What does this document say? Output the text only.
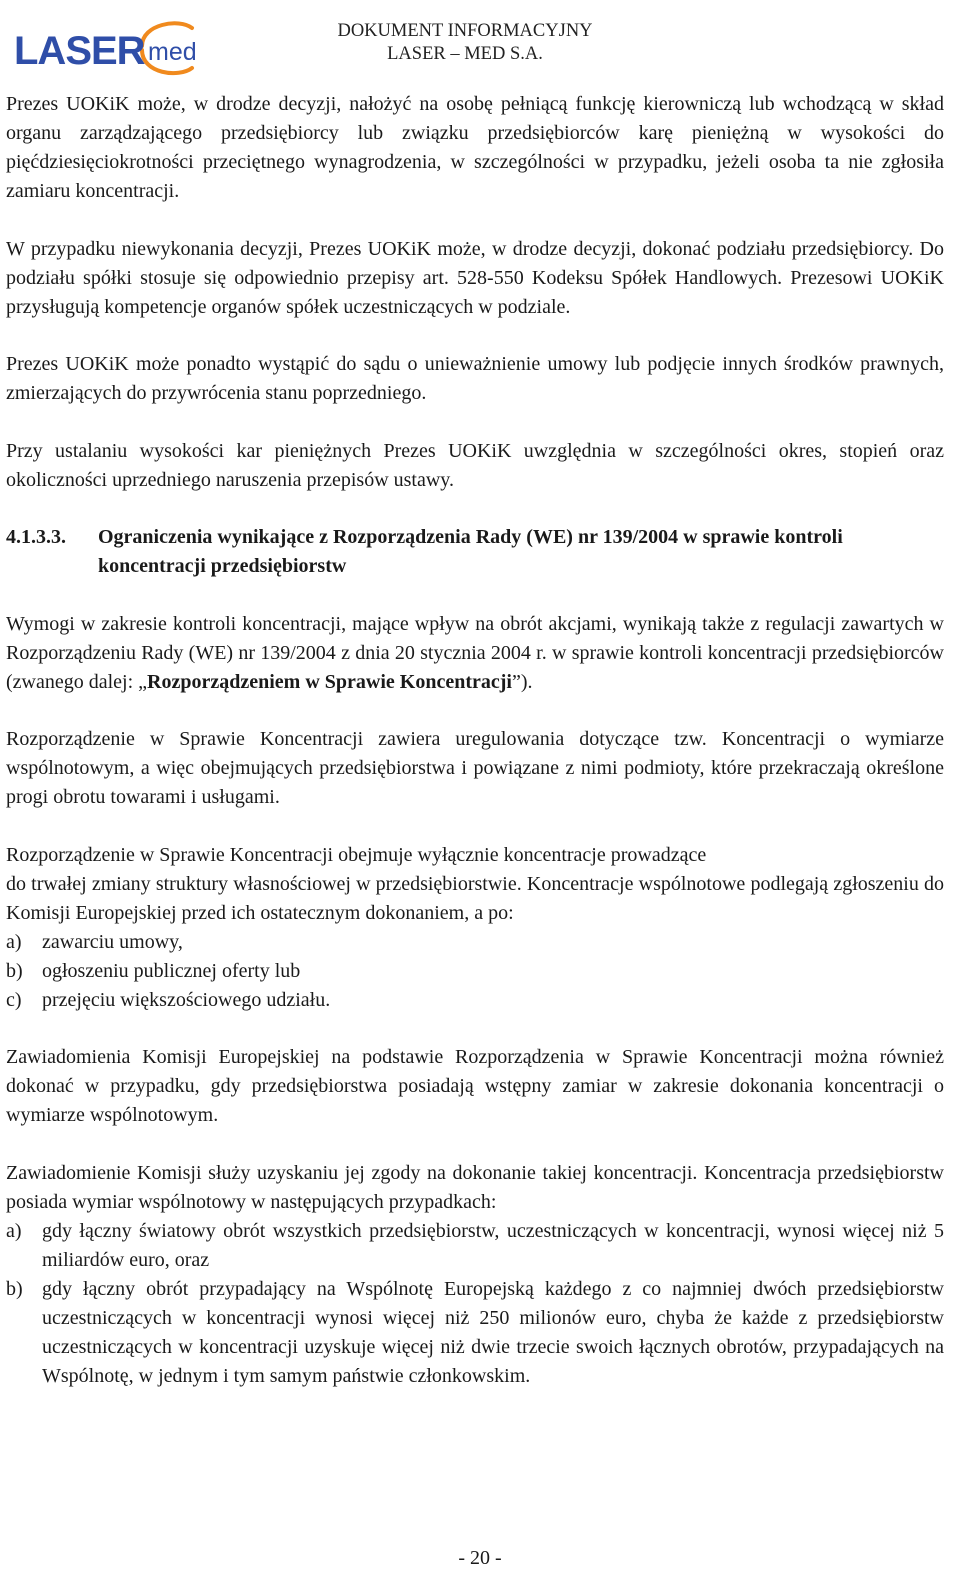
LASER med
DOKUMENT INFORMACYJNY
LASER – MED S.A.

Prezes UOKiK może, w drodze decyzji, nałożyć na osobę pełniącą funkcję kierowniczą lub wchodzącą w skład organu zarządzającego przedsiębiorcy lub związku przedsiębiorców karę pieniężną w wysokości do pięćdziesięciokrotności przeciętnego wynagrodzenia, w szczególności w przypadku, jeżeli osoba ta nie zgłosiła zamiaru koncentracji.

W przypadku niewykonania decyzji, Prezes UOKiK może, w drodze decyzji, dokonać podziału przedsiębiorcy. Do podziału spółki stosuje się odpowiednio przepisy art. 528-550 Kodeksu Spółek Handlowych. Prezesowi UOKiK przysługują kompetencje organów spółek uczestniczących w podziale.

Prezes UOKiK może ponadto wystąpić do sądu o unieważnienie umowy lub podjęcie innych środków prawnych, zmierzających do przywrócenia stanu poprzedniego.

Przy ustalaniu wysokości kar pieniężnych Prezes UOKiK uwzględnia w szczególności okres, stopień oraz okoliczności uprzedniego naruszenia przepisów ustawy.

4.1.3.3.	Ograniczenia wynikające z Rozporządzenia Rady (WE) nr 139/2004 w sprawie kontroli koncentracji przedsiębiorstw

Wymogi w zakresie kontroli koncentracji, mające wpływ na obrót akcjami, wynikają także z regulacji zawartych w Rozporządzeniu Rady (WE) nr 139/2004 z dnia 20 stycznia 2004 r. w sprawie kontroli koncentracji przedsiębiorców (zwanego dalej: „Rozporządzeniem w Sprawie Koncentracji”).

Rozporządzenie w Sprawie Koncentracji zawiera uregulowania dotyczące tzw. Koncentracji o wymiarze wspólnotowym, a więc obejmujących przedsiębiorstwa i powiązane z nimi podmioty, które przekraczają określone progi obrotu towarami i usługami.

Rozporządzenie w Sprawie Koncentracji obejmuje wyłącznie koncentracje prowadzące

do trwałej zmiany struktury własnościowej w przedsiębiorstwie. Koncentracje wspólnotowe podlegają zgłoszeniu do Komisji Europejskiej przed ich ostatecznym dokonaniem, a po:

a)	zawarciu umowy,
b) ogłoszeniu publicznej oferty lub
c)	przejęciu większościowego udziału.

Zawiadomienia Komisji Europejskiej na podstawie Rozporządzenia w Sprawie Koncentracji można również dokonać w przypadku, gdy przedsiębiorstwa posiadają wstępny zamiar w zakresie dokonania koncentracji o wymiarze wspólnotowym.

Zawiadomienie Komisji służy uzyskaniu jej zgody na dokonanie takiej koncentracji. Koncentracja przedsiębiorstw posiada wymiar wspólnotowy w następujących przypadkach:

a)	gdy łączny światowy obrót wszystkich przedsiębiorstw, uczestniczących w koncentracji, wynosi więcej niż 5 miliardów euro, oraz
b) gdy łączny obrót przypadający na Wspólnotę Europejską każdego z co najmniej dwóch przedsiębiorstw uczestniczących w koncentracji wynosi więcej niż 250 milionów euro, chyba że każde z przedsiębiorstw uczestniczących w koncentracji uzyskuje więcej niż dwie trzecie swoich łącznych obrotów, przypadających na Wspólnotę, w jednym i tym samym państwie członkowskim.
- 20 -
